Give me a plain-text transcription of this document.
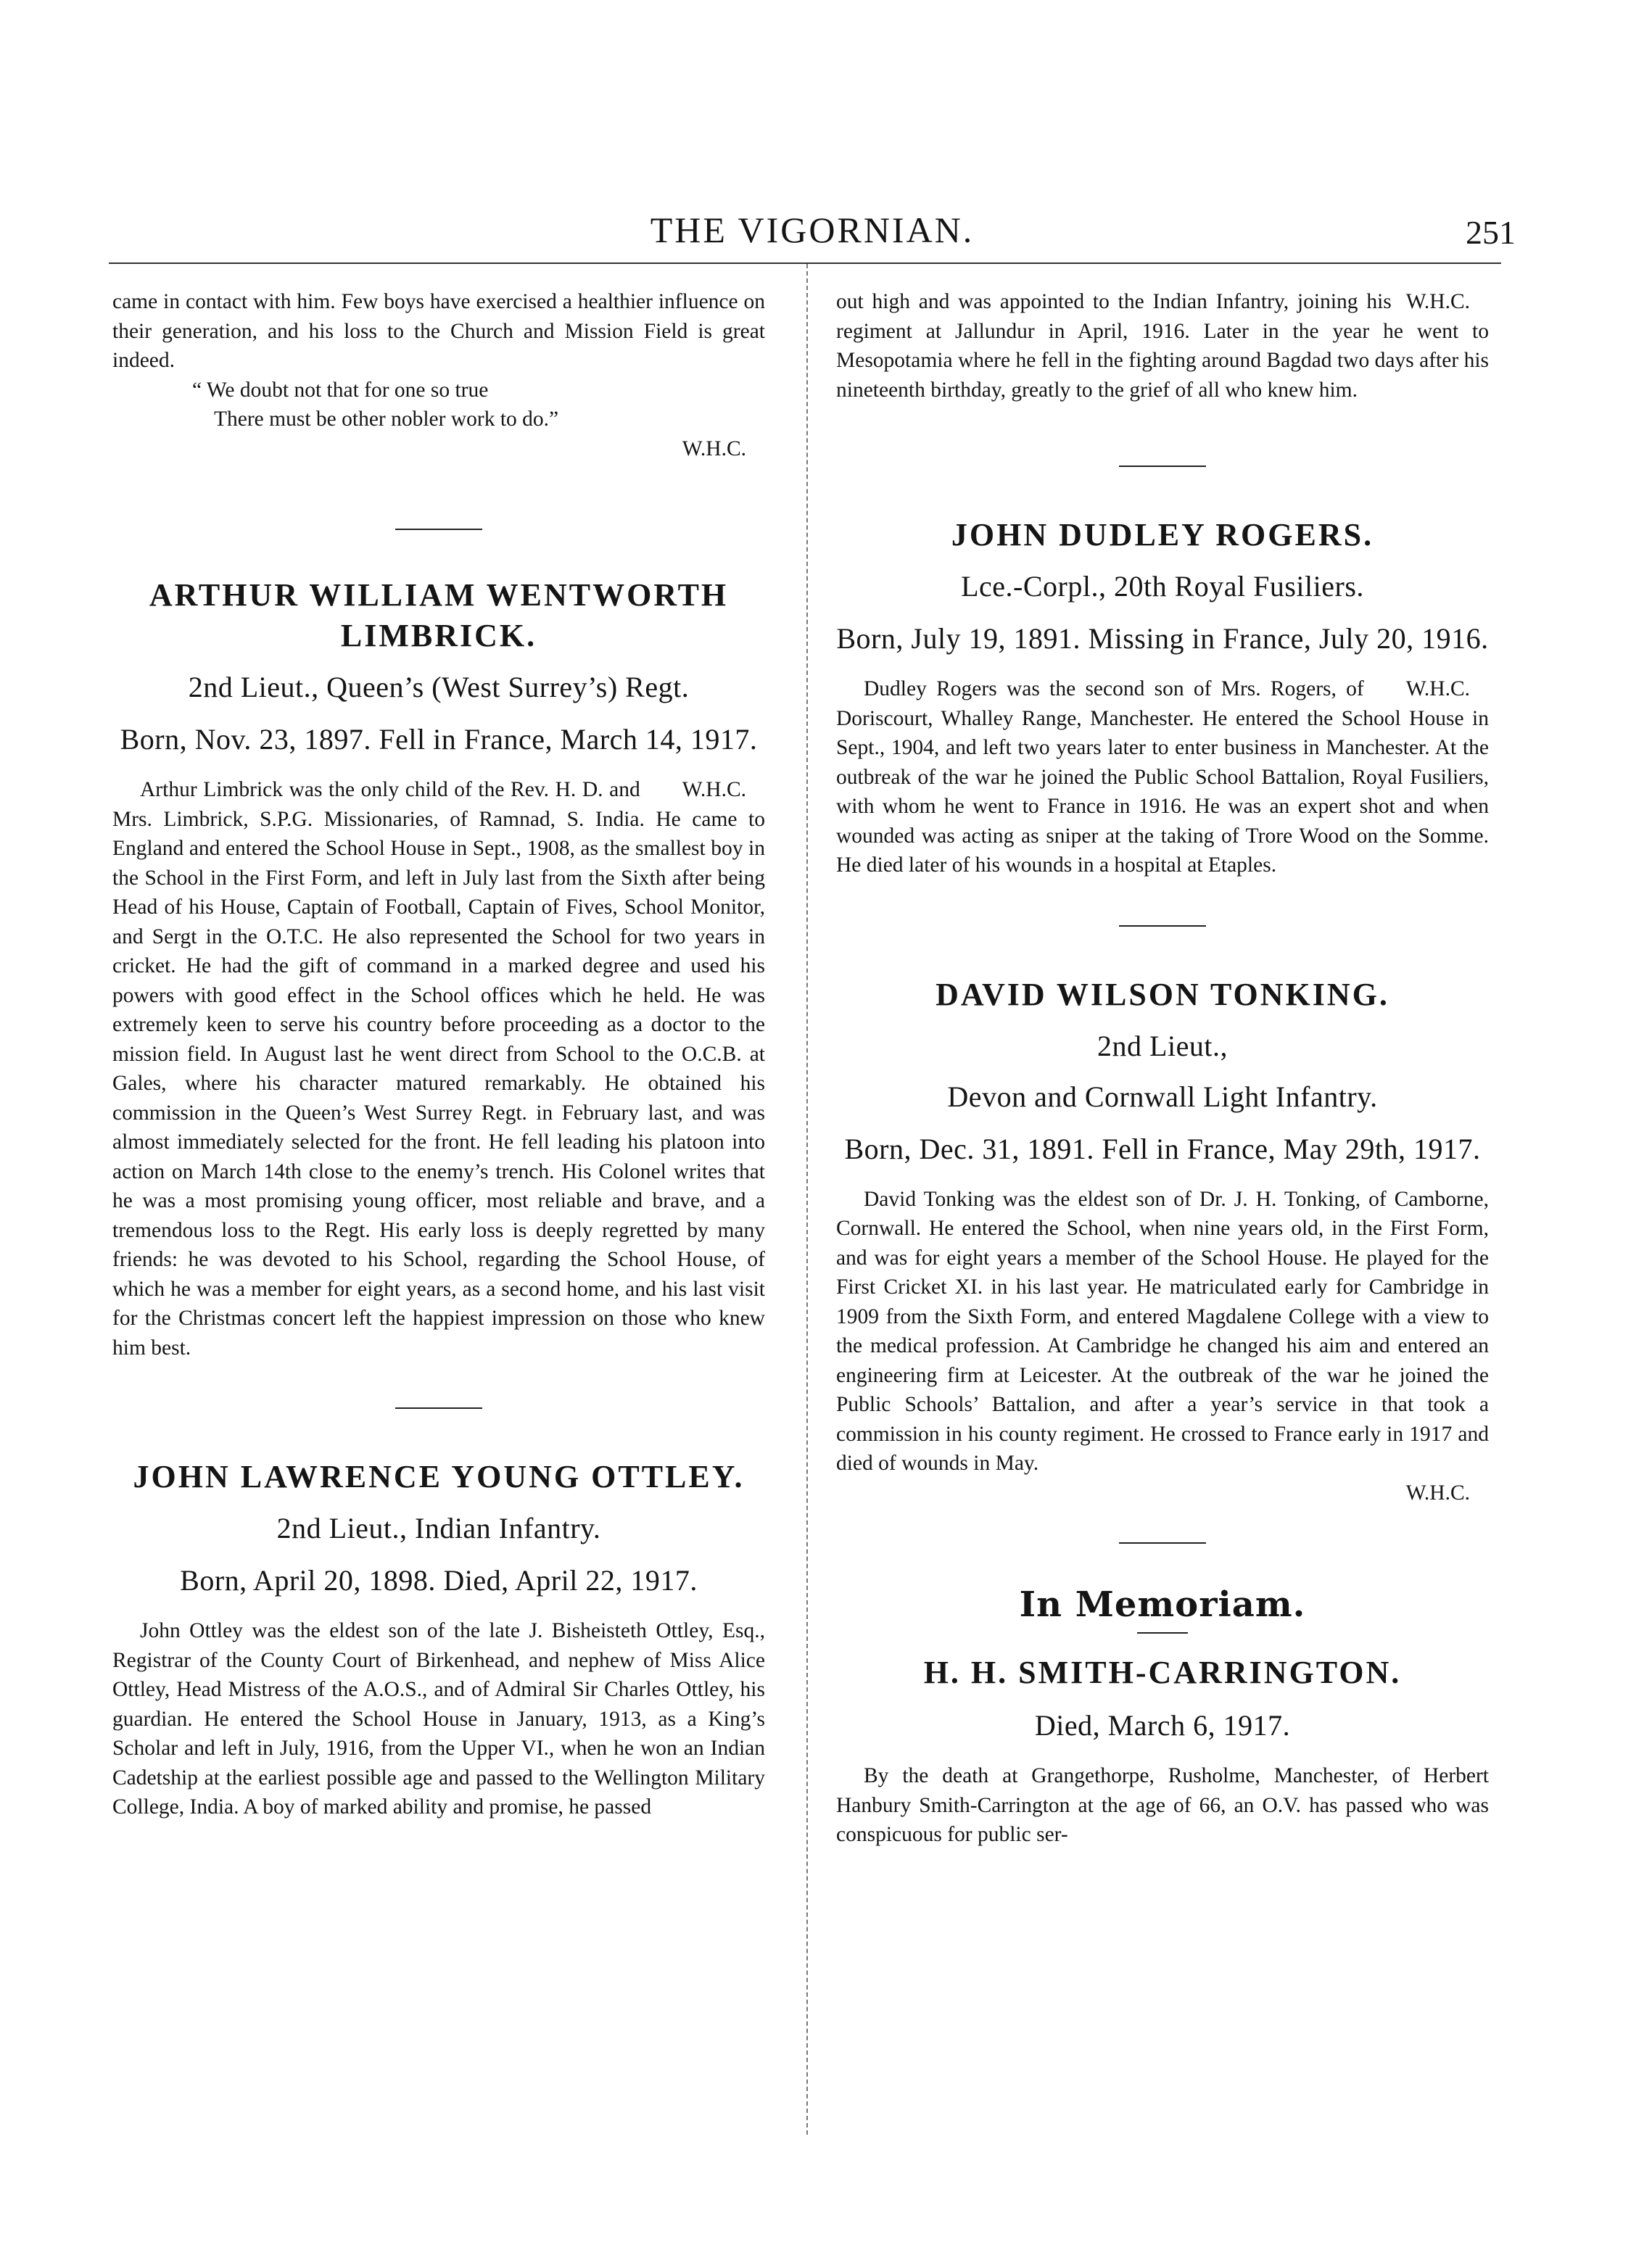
THE VIGORNIAN.	251

came in contact with him. Few boys have exercised a healthier influence on their generation, and his loss to the Church and Mission Field is great indeed.

“ We doubt not that for one so true

There must be other nobler work to do.”

W.H.C.

ARTHUR WILLIAM WENTWORTH LIMBRICK.

2nd Lieut., Queen’s (West Surrey’s) Regt.

Born, Nov. 23, 1897. Fell in France, March 14, 1917.

W.H.C.
Arthur Limbrick was the only child of the Rev. H. D. and Mrs. Limbrick, S.P.G. Missionaries, of Ramnad, S. India. He came to England and entered the School House in Sept., 1908, as the smallest boy in the School in the First Form, and left in July last from the Sixth after being Head of his House, Captain of Football, Captain of Fives, School Monitor, and Sergt in the O.T.C. He also represented the School for two years in cricket. He had the gift of command in a marked degree and used his powers with good effect in the School offices which he held. He was extremely keen to serve his country before proceeding as a doctor to the mission field. In August last he went direct from School to the O.C.B. at Gales, where his character matured remarkably. He obtained his commission in the Queen’s West Surrey Regt. in February last, and was almost immediately selected for the front. He fell leading his platoon into action on March 14th close to the enemy’s trench. His Colonel writes that he was a most promising young officer, most reliable and brave, and a tremendous loss to the Regt. His early loss is deeply regretted by many friends: he was devoted to his School, regarding the School House, of which he was a member for eight years, as a second home, and his last visit for the Christmas concert left the happiest impression on those who knew him best.

JOHN LAWRENCE YOUNG OTTLEY.

2nd Lieut., Indian Infantry.

Born, April 20, 1898. Died, April 22, 1917.

John Ottley was the eldest son of the late J. Bisheisteth Ottley, Esq., Registrar of the County Court of Birkenhead, and nephew of Miss Alice Ottley, Head Mistress of the A.O.S., and of Admiral Sir Charles Ottley, his guardian. He entered the School House in January, 1913, as a King’s Scholar and left in July, 1916, from the Upper VI., when he won an Indian Cadetship at the earliest possible age and passed to the Wellington Military College, India. A boy of marked ability and promise, he passed

W.H.C.
out high and was appointed to the Indian Infantry, joining his regiment at Jallundur in April, 1916. Later in the year he went to Mesopotamia where he fell in the fighting around Bagdad two days after his nineteenth birthday, greatly to the grief of all who knew him.

JOHN DUDLEY ROGERS.

Lce.-Corpl., 20th Royal Fusiliers.

Born, July 19, 1891. Missing in France, July 20, 1916.

W.H.C.
Dudley Rogers was the second son of Mrs. Rogers, of Doriscourt, Whalley Range, Manchester. He entered the School House in Sept., 1904, and left two years later to enter business in Manchester. At the outbreak of the war he joined the Public School Battalion, Royal Fusiliers, with whom he went to France in 1916. He was an expert shot and when wounded was acting as sniper at the taking of Trore Wood on the Somme. He died later of his wounds in a hospital at Etaples.

DAVID WILSON TONKING.

2nd Lieut.,

Devon and Cornwall Light Infantry.

Born, Dec. 31, 1891. Fell in France, May 29th, 1917.

David Tonking was the eldest son of Dr. J. H. Tonking, of Camborne, Cornwall. He entered the School, when nine years old, in the First Form, and was for eight years a member of the School House. He played for the First Cricket XI. in his last year. He matriculated early for Cambridge in 1909 from the Sixth Form, and entered Magdalene College with a view to the medical profession. At Cambridge he changed his aim and entered an engineering firm at Leicester. At the outbreak of the war he joined the Public Schools’ Battalion, and after a year’s service in that took a commission in his county regiment. He crossed to France early in 1917 and died of wounds in May.

W.H.C.

In Memoriam.
H. H. SMITH-CARRINGTON.

Died, March 6, 1917.

By the death at Grangethorpe, Rusholme, Manchester, of Herbert Hanbury Smith-Carrington at the age of 66, an O.V. has passed who was conspicuous for public ser-
